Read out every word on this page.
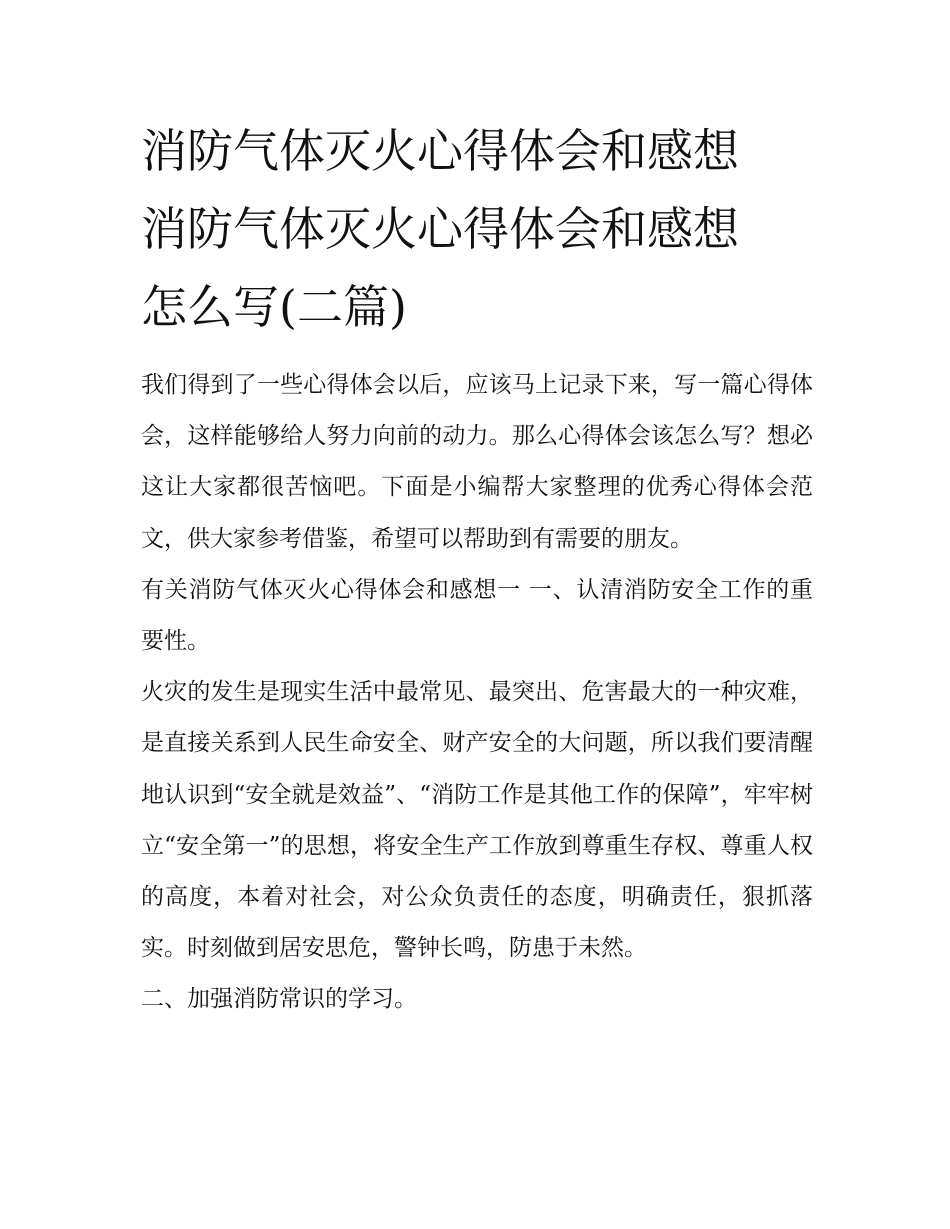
消防气体灭火心得体会和感想
消防气体灭火心得体会和感想
怎么写(二篇)

我们得到了一些心得体会以后，应该马上记录下来，写一篇心得体会，这样能够给人努力向前的动力。那么心得体会该怎么写？想必这让大家都很苦恼吧。下面是小编帮大家整理的优秀心得体会范文，供大家参考借鉴，希望可以帮助到有需要的朋友。

有关消防气体灭火心得体会和感想一 一、认清消防安全工作的重要性。

火灾的发生是现实生活中最常见、最突出、危害最大的一种灾难，是直接关系到人民生命安全、财产安全的大问题，所以我们要清醒地认识到“安全就是效益”、“消防工作是其他工作的保障”，牢牢树立“安全第一”的思想，将安全生产工作放到尊重生存权、尊重人权的高度，本着对社会，对公众负责任的态度，明确责任，狠抓落实。时刻做到居安思危，警钟长鸣，防患于未然。

二、加强消防常识的学习。
